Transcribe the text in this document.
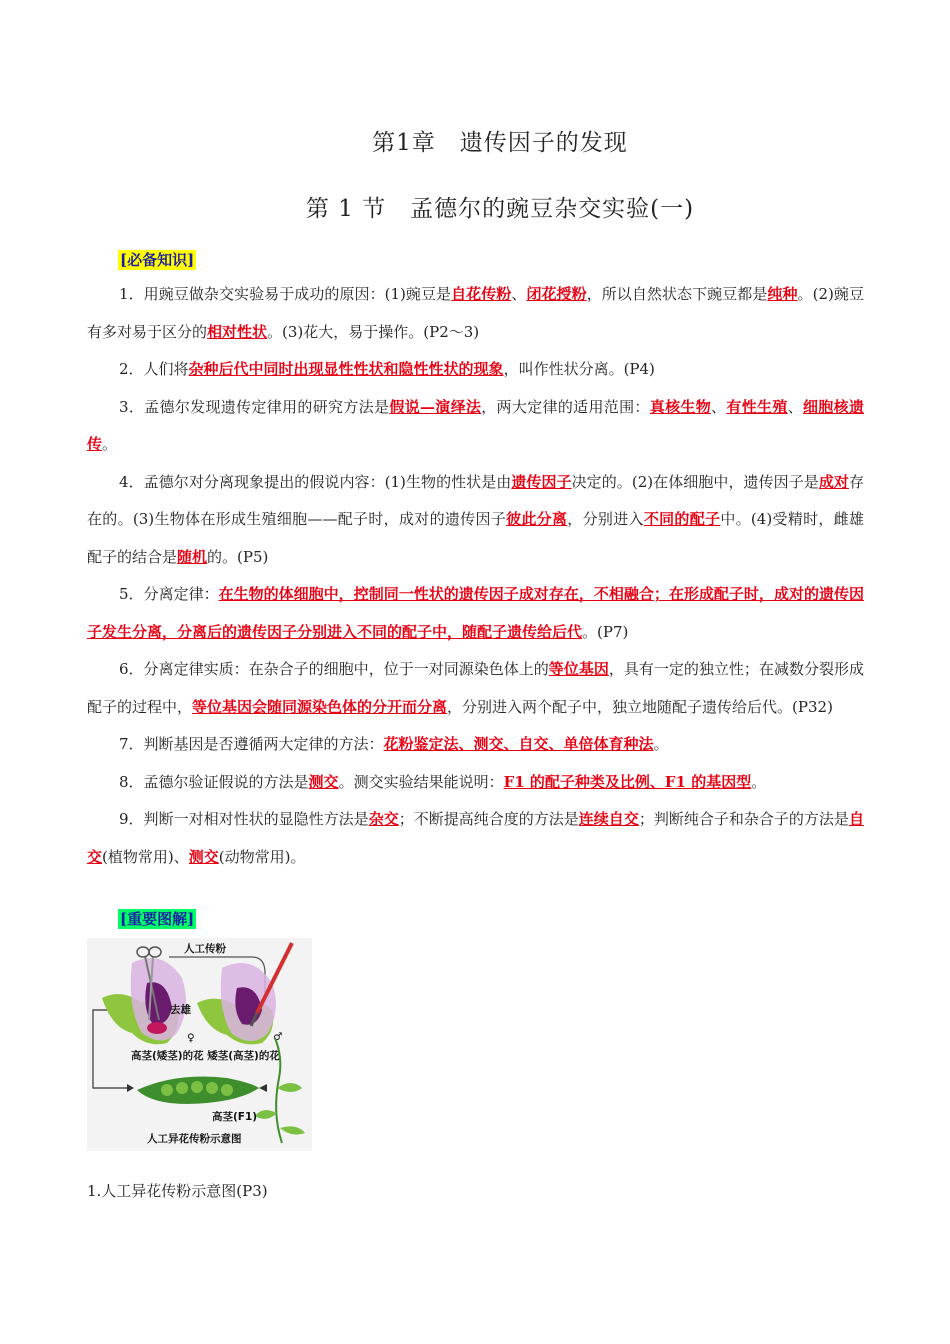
第1章　遗传因子的发现
第 1 节　孟德尔的豌豆杂交实验(一)
[必备知识]

1．用豌豆做杂交实验易于成功的原因：(1)豌豆是自花传粉、闭花授粉，所以自然状态下豌豆都是纯种。(2)豌豆有多对易于区分的相对性状。(3)花大，易于操作。(P2～3)

2．人们将杂种后代中同时出现显性性状和隐性性状的现象，叫作性状分离。(P4)

3．孟德尔发现遗传定律用的研究方法是假说—演绎法，两大定律的适用范围：真核生物、有性生殖、细胞核遗传。

4．孟德尔对分离现象提出的假说内容：(1)生物的性状是由遗传因子决定的。(2)在体细胞中，遗传因子是成对存在的。(3)生物体在形成生殖细胞——配子时，成对的遗传因子彼此分离，分别进入不同的配子中。(4)受精时，雌雄配子的结合是随机的。(P5)

5．分离定律：在生物的体细胞中，控制同一性状的遗传因子成对存在，不相融合；在形成配子时，成对的遗传因子发生分离，分离后的遗传因子分别进入不同的配子中，随配子遗传给后代。(P7)

6．分离定律实质：在杂合子的细胞中，位于一对同源染色体上的等位基因，具有一定的独立性；在减数分裂形成配子的过程中，等位基因会随同源染色体的分开而分离，分别进入两个配子中，独立地随配子遗传给后代。(P32)

7．判断基因是否遵循两大定律的方法：花粉鉴定法、测交、自交、单倍体育种法。

8．孟德尔验证假说的方法是测交。测交实验结果能说明：F1 的配子种类及比例、F1 的基因型。

9．判断一对相对性状的显隐性方法是杂交；不断提高纯合度的方法是连续自交；判断纯合子和杂合子的方法是自交(植物常用)、测交(动物常用)。

[重要图解]
人工传粉
去雄
♀	♂
高茎(矮茎)的花 矮茎(高茎)的花
高茎(F1)
人工异花传粉示意图
1.人工异花传粉示意图(P3)
